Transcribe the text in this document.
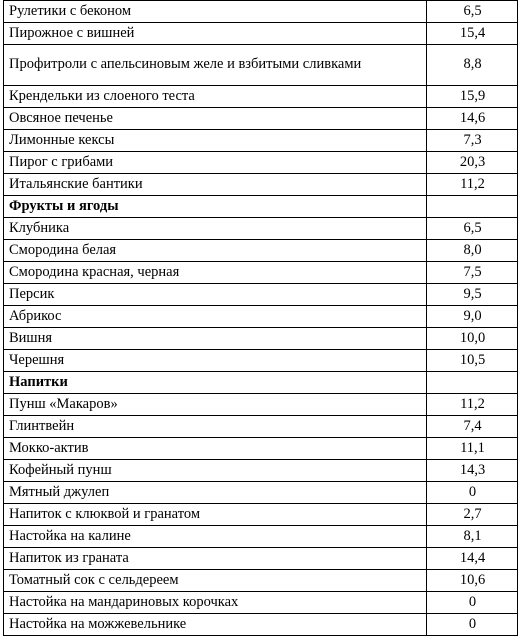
Рулетики с беконом	6,5
Пирожное с вишней	15,4
Профитроли с апельсиновым желе и взбитыми сливками	8,8
Крендельки из слоеного теста	15,9
Овсяное печенье	14,6
Лимонные кексы	7,3
Пирог с грибами	20,3
Итальянские бантики	11,2
Фрукты и ягоды	
Клубника	6,5
Смородина белая	8,0
Смородина красная, черная	7,5
Персик	9,5
Абрикос	9,0
Вишня	10,0
Черешня	10,5
Напитки	
Пунш «Макаров»	11,2
Глинтвейн	7,4
Мокко-актив	11,1
Кофейный пунш	14,3
Мятный джулеп	0
Напиток с клюквой и гранатом	2,7
Настойка на калине	8,1
Напиток из граната	14,4
Томатный сок с сельдереем	10,6
Настойка на мандариновых корочках	0
Настойка на можжевельнике	0
